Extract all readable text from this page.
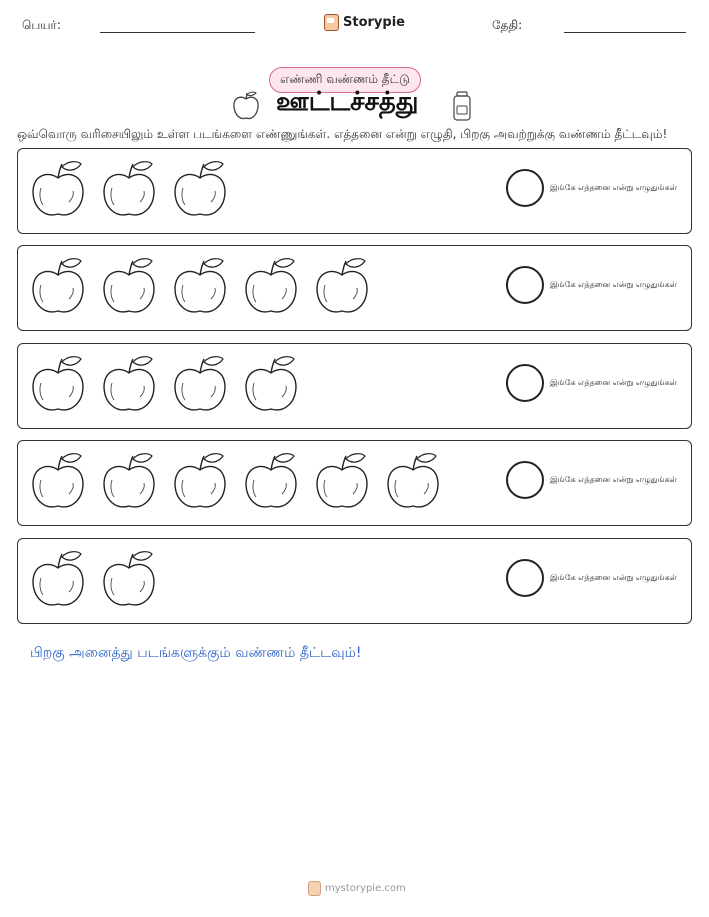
பெயர்:	Storypie	தேதி:
எண்ணி வண்ணம் தீட்டு
ஊட்டச்சத்து
ஒவ்வொரு வரிசையிலும் உள்ள படங்களை எண்ணுங்கள். எத்தனை என்று எழுதி, பிறகு அவற்றுக்கு வண்ணம் தீட்டவும்!
இங்கே எத்தனை என்று எழுதுங்கள்
இங்கே எத்தனை என்று எழுதுங்கள்
இங்கே எத்தனை என்று எழுதுங்கள்
இங்கே எத்தனை என்று எழுதுங்கள்
இங்கே எத்தனை என்று எழுதுங்கள்
பிறகு அனைத்து படங்களுக்கும் வண்ணம் தீட்டவும்!
mystorypie.com
